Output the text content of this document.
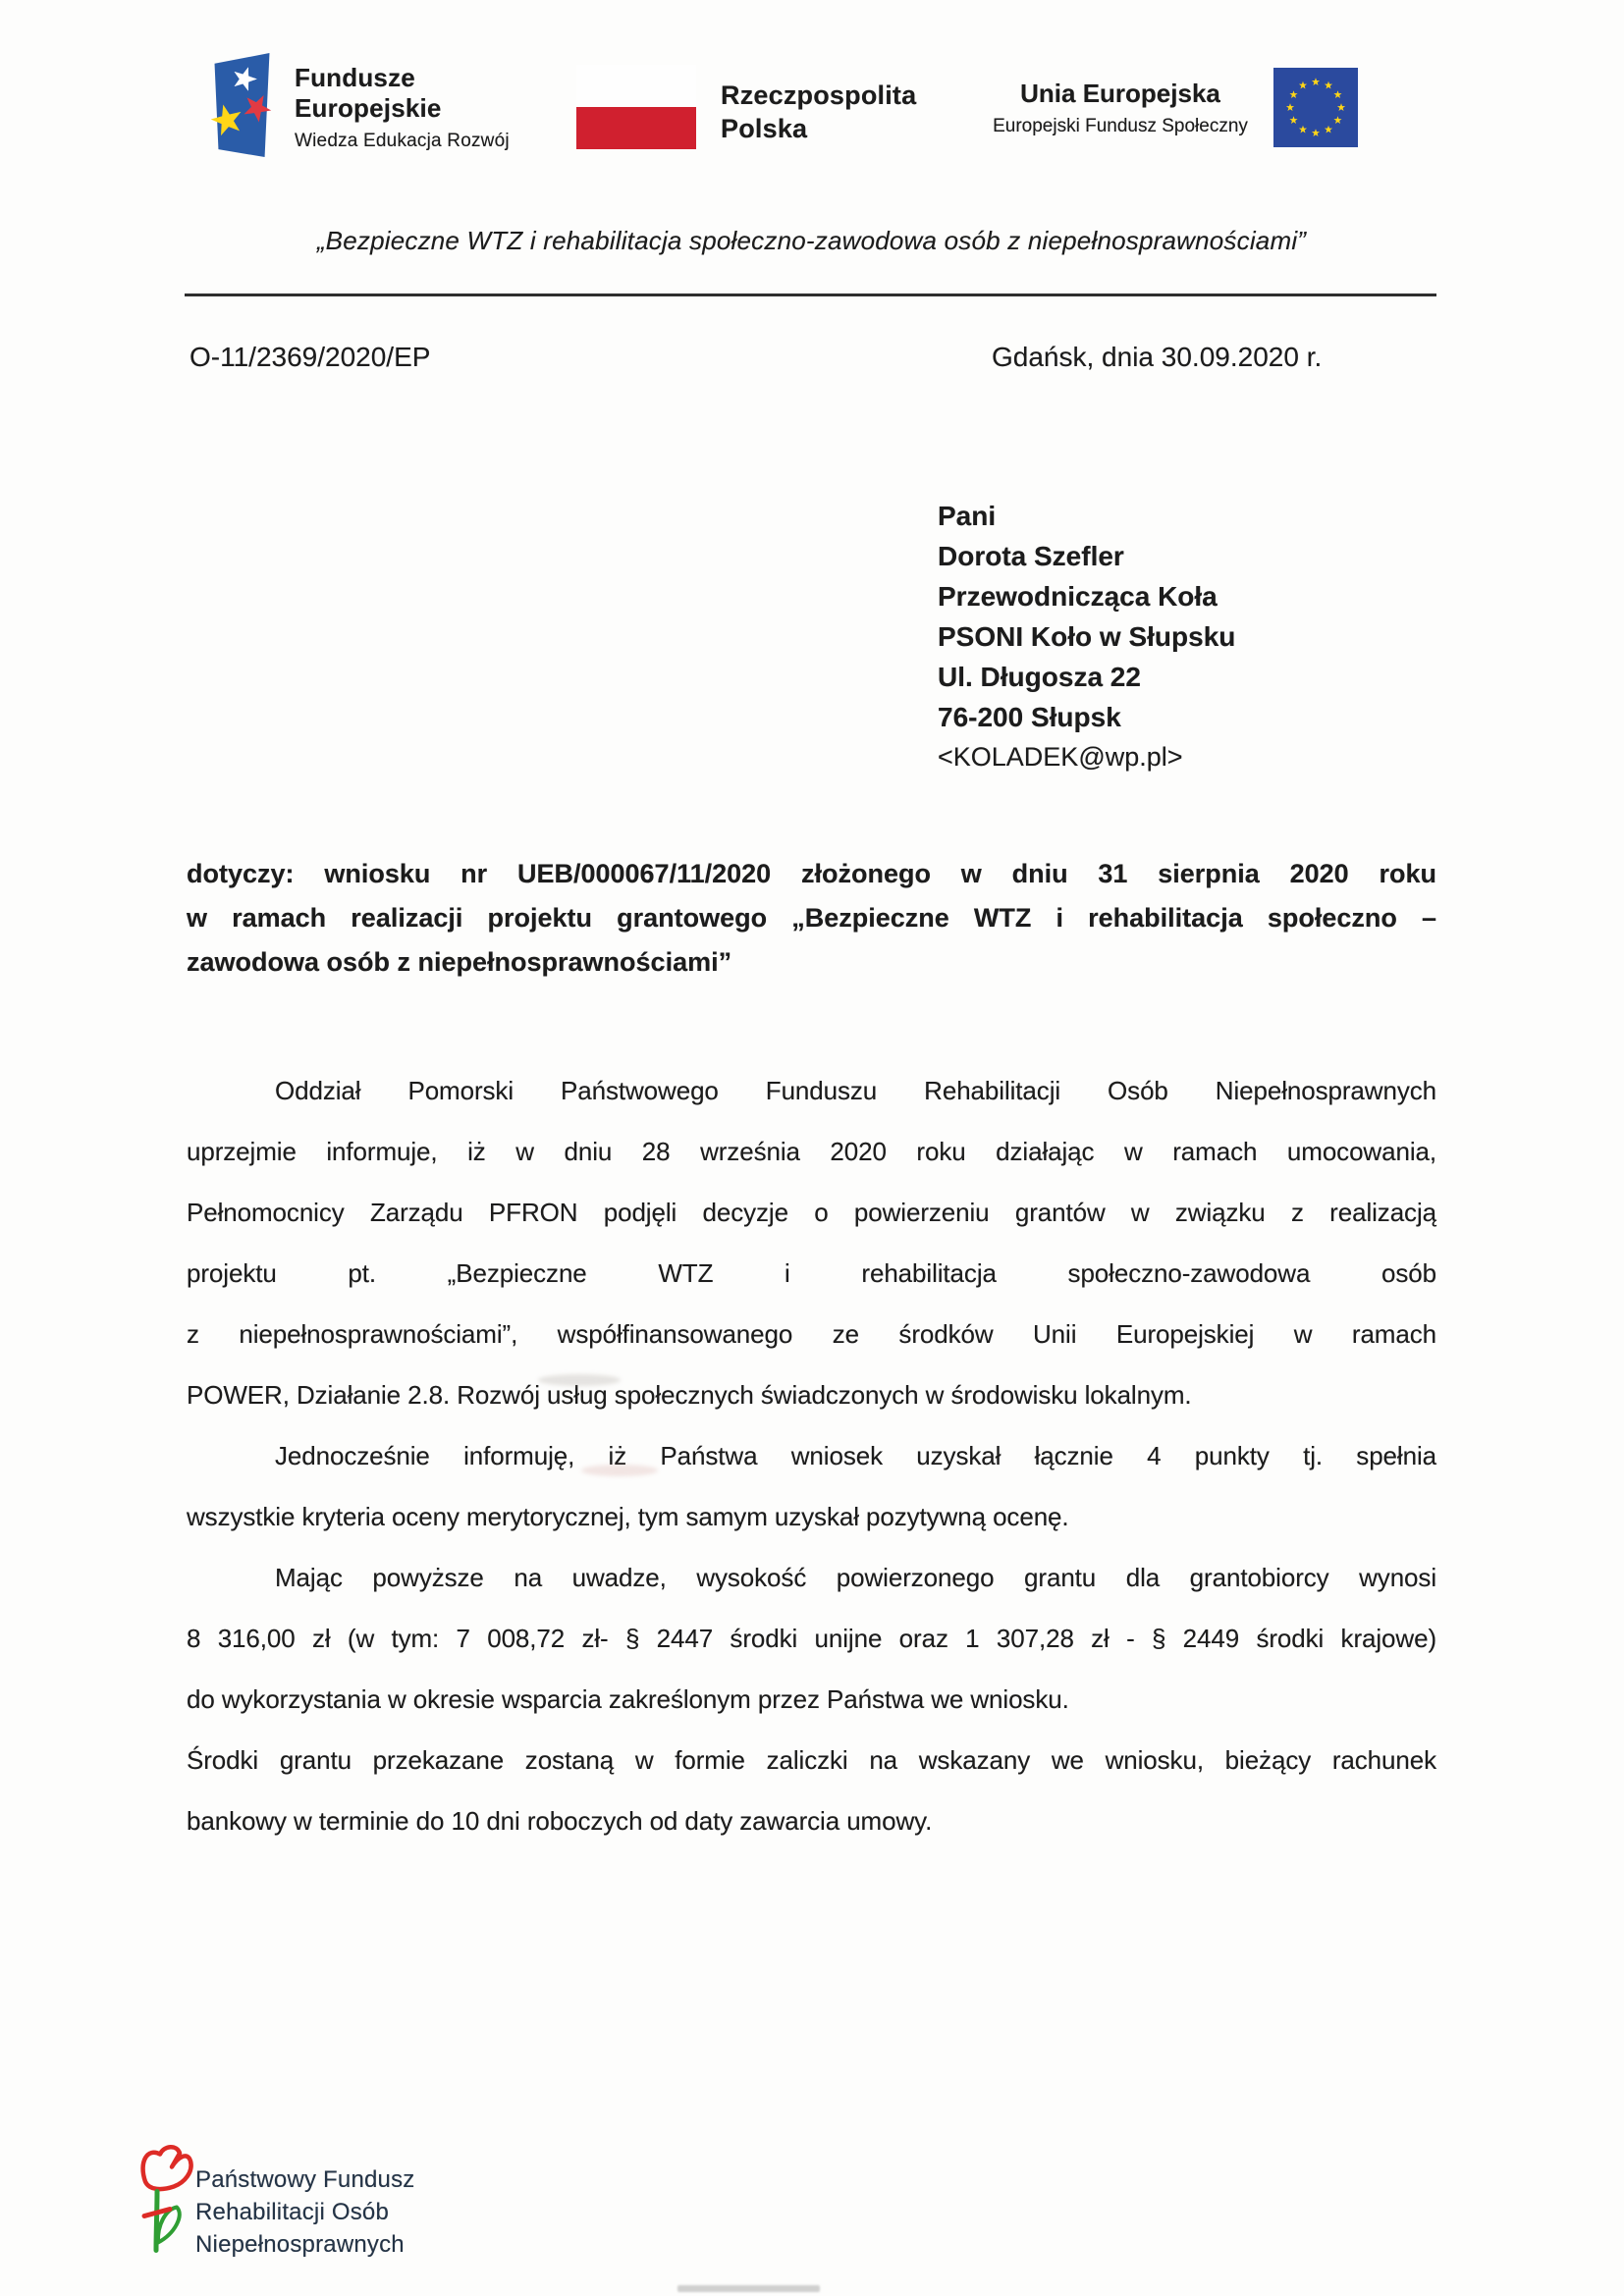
Fundusze
Europejskie
Wiedza Edukacja Rozwój
Rzeczpospolita
Polska
Unia Europejska
Europejski Fundusz Społeczny
„Bezpieczne WTZ i rehabilitacja społeczno-zawodowa osób z niepełnosprawnościami”
O-11/2369/2020/EP	Gdańsk, dnia 30.09.2020 r.
Pani
Dorota Szefler
Przewodnicząca Koła
PSONI Koło w Słupsku
Ul. Długosza 22
76-200 Słupsk
<KOLADEK@wp.pl>
dotyczy: wniosku nr UEB/000067/11/2020 złożonego w dniu 31 sierpnia 2020 roku
w ramach realizacji projektu grantowego „Bezpieczne WTZ i rehabilitacja społeczno –
zawodowa osób z niepełnosprawnościami”
Oddział Pomorski Państwowego Funduszu Rehabilitacji Osób Niepełnosprawnych
uprzejmie informuje, iż w dniu 28 września 2020 roku działając w ramach umocowania,
Pełnomocnicy Zarządu PFRON podjęli decyzje o powierzeniu grantów w związku z realizacją
projektu pt. „Bezpieczne WTZ i rehabilitacja społeczno-zawodowa osób
z niepełnosprawnościami”, współfinansowanego ze środków Unii Europejskiej w ramach
POWER, Działanie 2.8. Rozwój usług społecznych świadczonych w środowisku lokalnym.
Jednocześnie informuję, iż Państwa wniosek uzyskał łącznie 4 punkty tj. spełnia
wszystkie kryteria oceny merytorycznej, tym samym uzyskał pozytywną ocenę.
Mając powyższe na uwadze, wysokość powierzonego grantu dla grantobiorcy wynosi
8 316,00 zł (w tym: 7 008,72 zł- § 2447 środki unijne oraz 1 307,28 zł - § 2449 środki krajowe)
do wykorzystania w okresie wsparcia zakreślonym przez Państwa we wniosku.
Środki grantu przekazane zostaną w formie zaliczki na wskazany we wniosku, bieżący rachunek
bankowy w terminie do 10 dni roboczych od daty zawarcia umowy.
Państwowy Fundusz
Rehabilitacji Osób
Niepełnosprawnych
